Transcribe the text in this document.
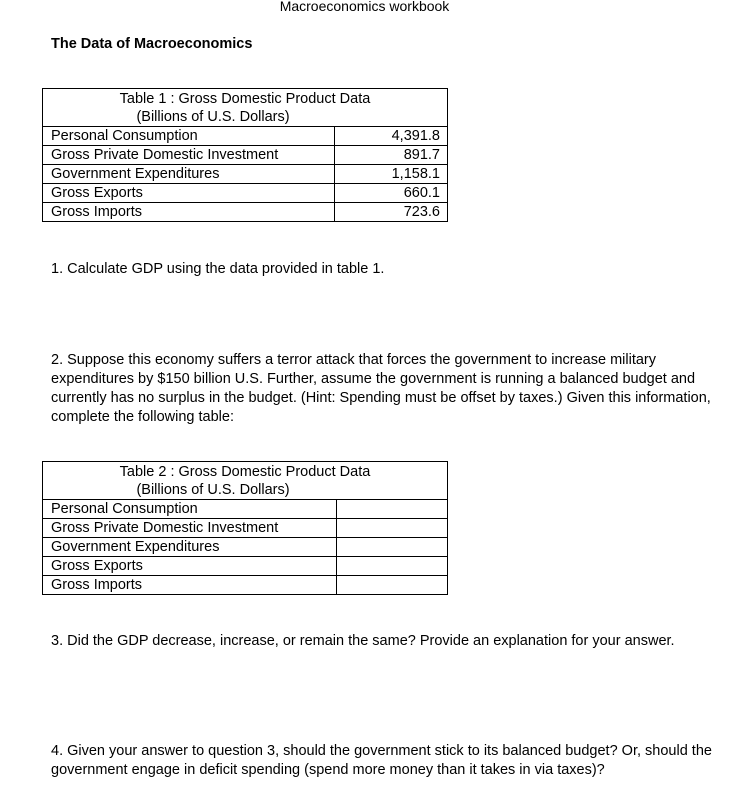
Macroeconomics workbook
The Data of Macroeconomics
Table 1 : Gross Domestic Product Data
(Billions of U.S. Dollars)	

Personal Consumption	4,391.8
Gross Private Domestic Investment	891.7
Government Expenditures	1,158.1
Gross Exports	660.1
Gross Imports	723.6
1. Calculate GDP using the data provided in table 1.
2. Suppose this economy suffers a terror attack that forces the government to increase military expenditures by $150 billion U.S. Further, assume the government is running a balanced budget and currently has no surplus in the budget. (Hint: Spending must be offset by taxes.) Given this information, complete the following table:
Table 2 : Gross Domestic Product Data
(Billions of U.S. Dollars)	

Personal Consumption	
Gross Private Domestic Investment	
Government Expenditures	
Gross Exports	
Gross Imports	
3. Did the GDP decrease, increase, or remain the same? Provide an explanation for your answer.
4. Given your answer to question 3, should the government stick to its balanced budget? Or, should the government engage in deficit spending (spend more money than it takes in via taxes)?
